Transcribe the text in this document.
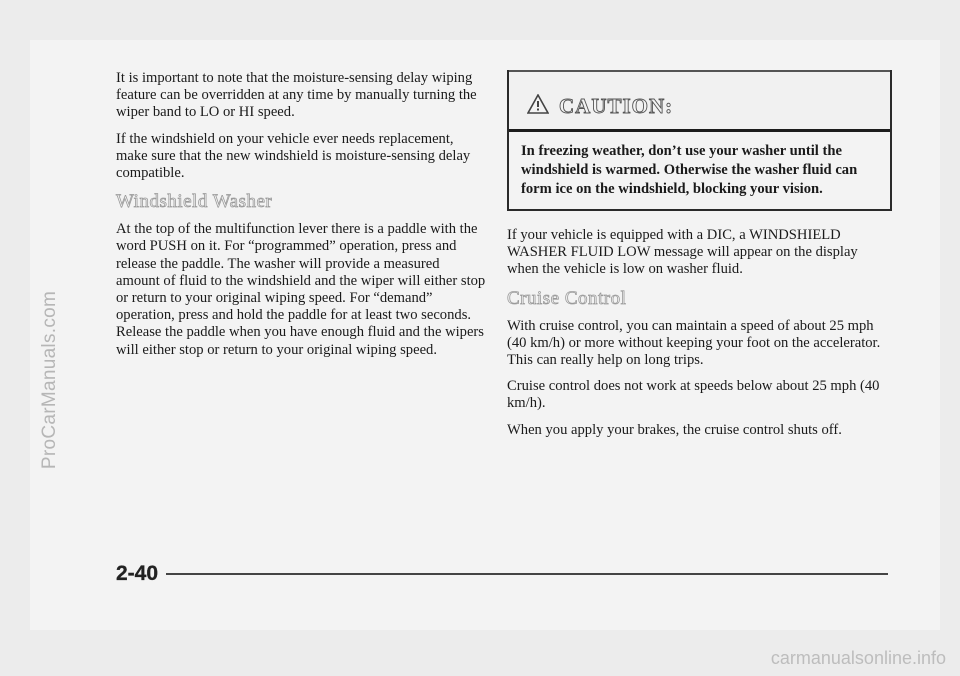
ProCarManuals.com

It is important to note that the moisture-sensing delay wiping feature can be overridden at any time by manually turning the wiper band to LO or HI speed.

If the windshield on your vehicle ever needs replacement, make sure that the new windshield is moisture-sensing delay compatible.

Windshield Washer

At the top of the multifunction lever there is a paddle with the word PUSH on it. For “programmed” operation, press and release the paddle. The washer will provide a measured amount of fluid to the windshield and the wiper will either stop or return to your original wiping speed. For “demand” operation, press and hold the paddle for at least two seconds. Release the paddle when you have enough fluid and the wipers will either stop or return to your original wiping speed.

CAUTION:
In freezing weather, don’t use your washer until the windshield is warmed. Otherwise the washer fluid can form ice on the windshield, blocking your vision.

If your vehicle is equipped with a DIC, a WINDSHIELD WASHER FLUID LOW message will appear on the display when the vehicle is low on washer fluid.

Cruise Control

With cruise control, you can maintain a speed of about 25 mph (40 km/h) or more without keeping your foot on the accelerator. This can really help on long trips.

Cruise control does not work at speeds below about 25 mph (40 km/h).

When you apply your brakes, the cruise control shuts off.

2-40
carmanualsonline.info
